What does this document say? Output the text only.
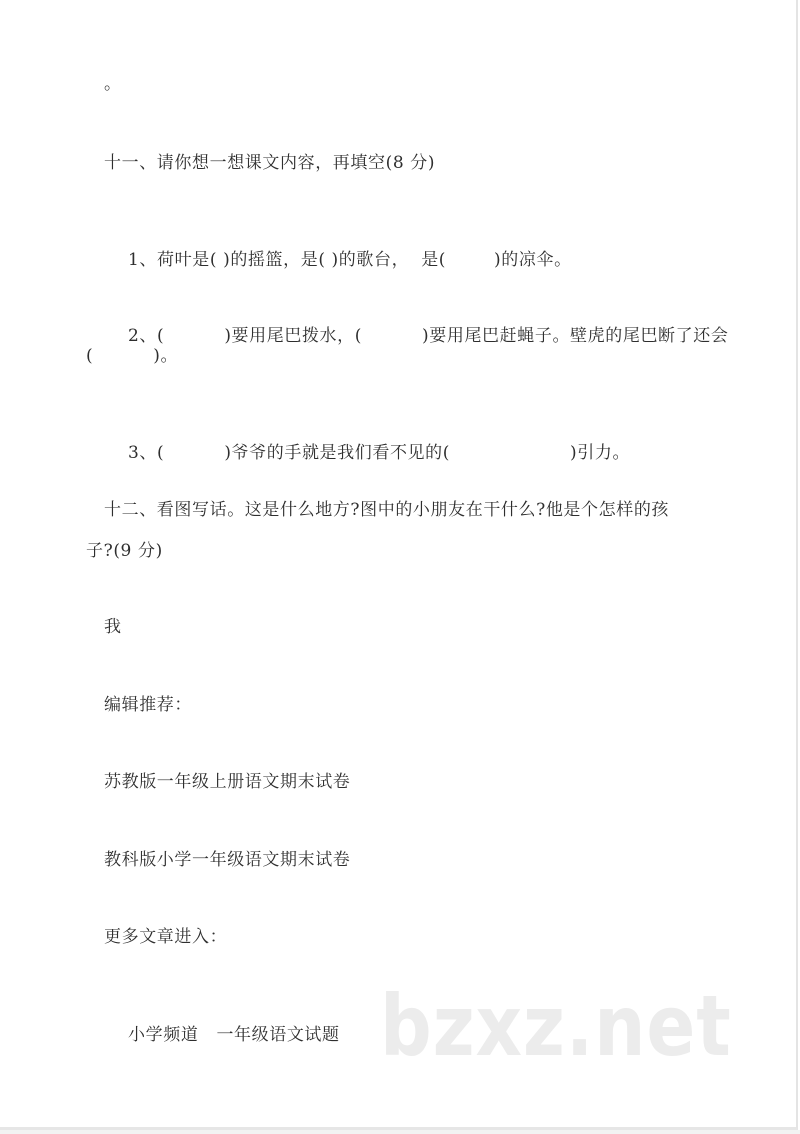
。
十一、请你想一想课文内容，再填空(8 分)

1、荷叶是( )的摇篮，是( )的歌台，  是(        )的凉伞。

2、(          )要用尾巴拨水，(          )要用尾巴赶蝇子。壁虎的尾巴断了还会

(          )。

3、(          )爷爷的手就是我们看不见的(                    )引力。

十二、看图写话。这是什么地方?图中的小朋友在干什么?他是个怎样的孩
子?(9 分)
我
编辑推荐：
苏教版一年级上册语文期末试卷
教科版小学一年级语文期末试卷
更多文章进入：

小学频道 一年级语文试题
bzxz.net
